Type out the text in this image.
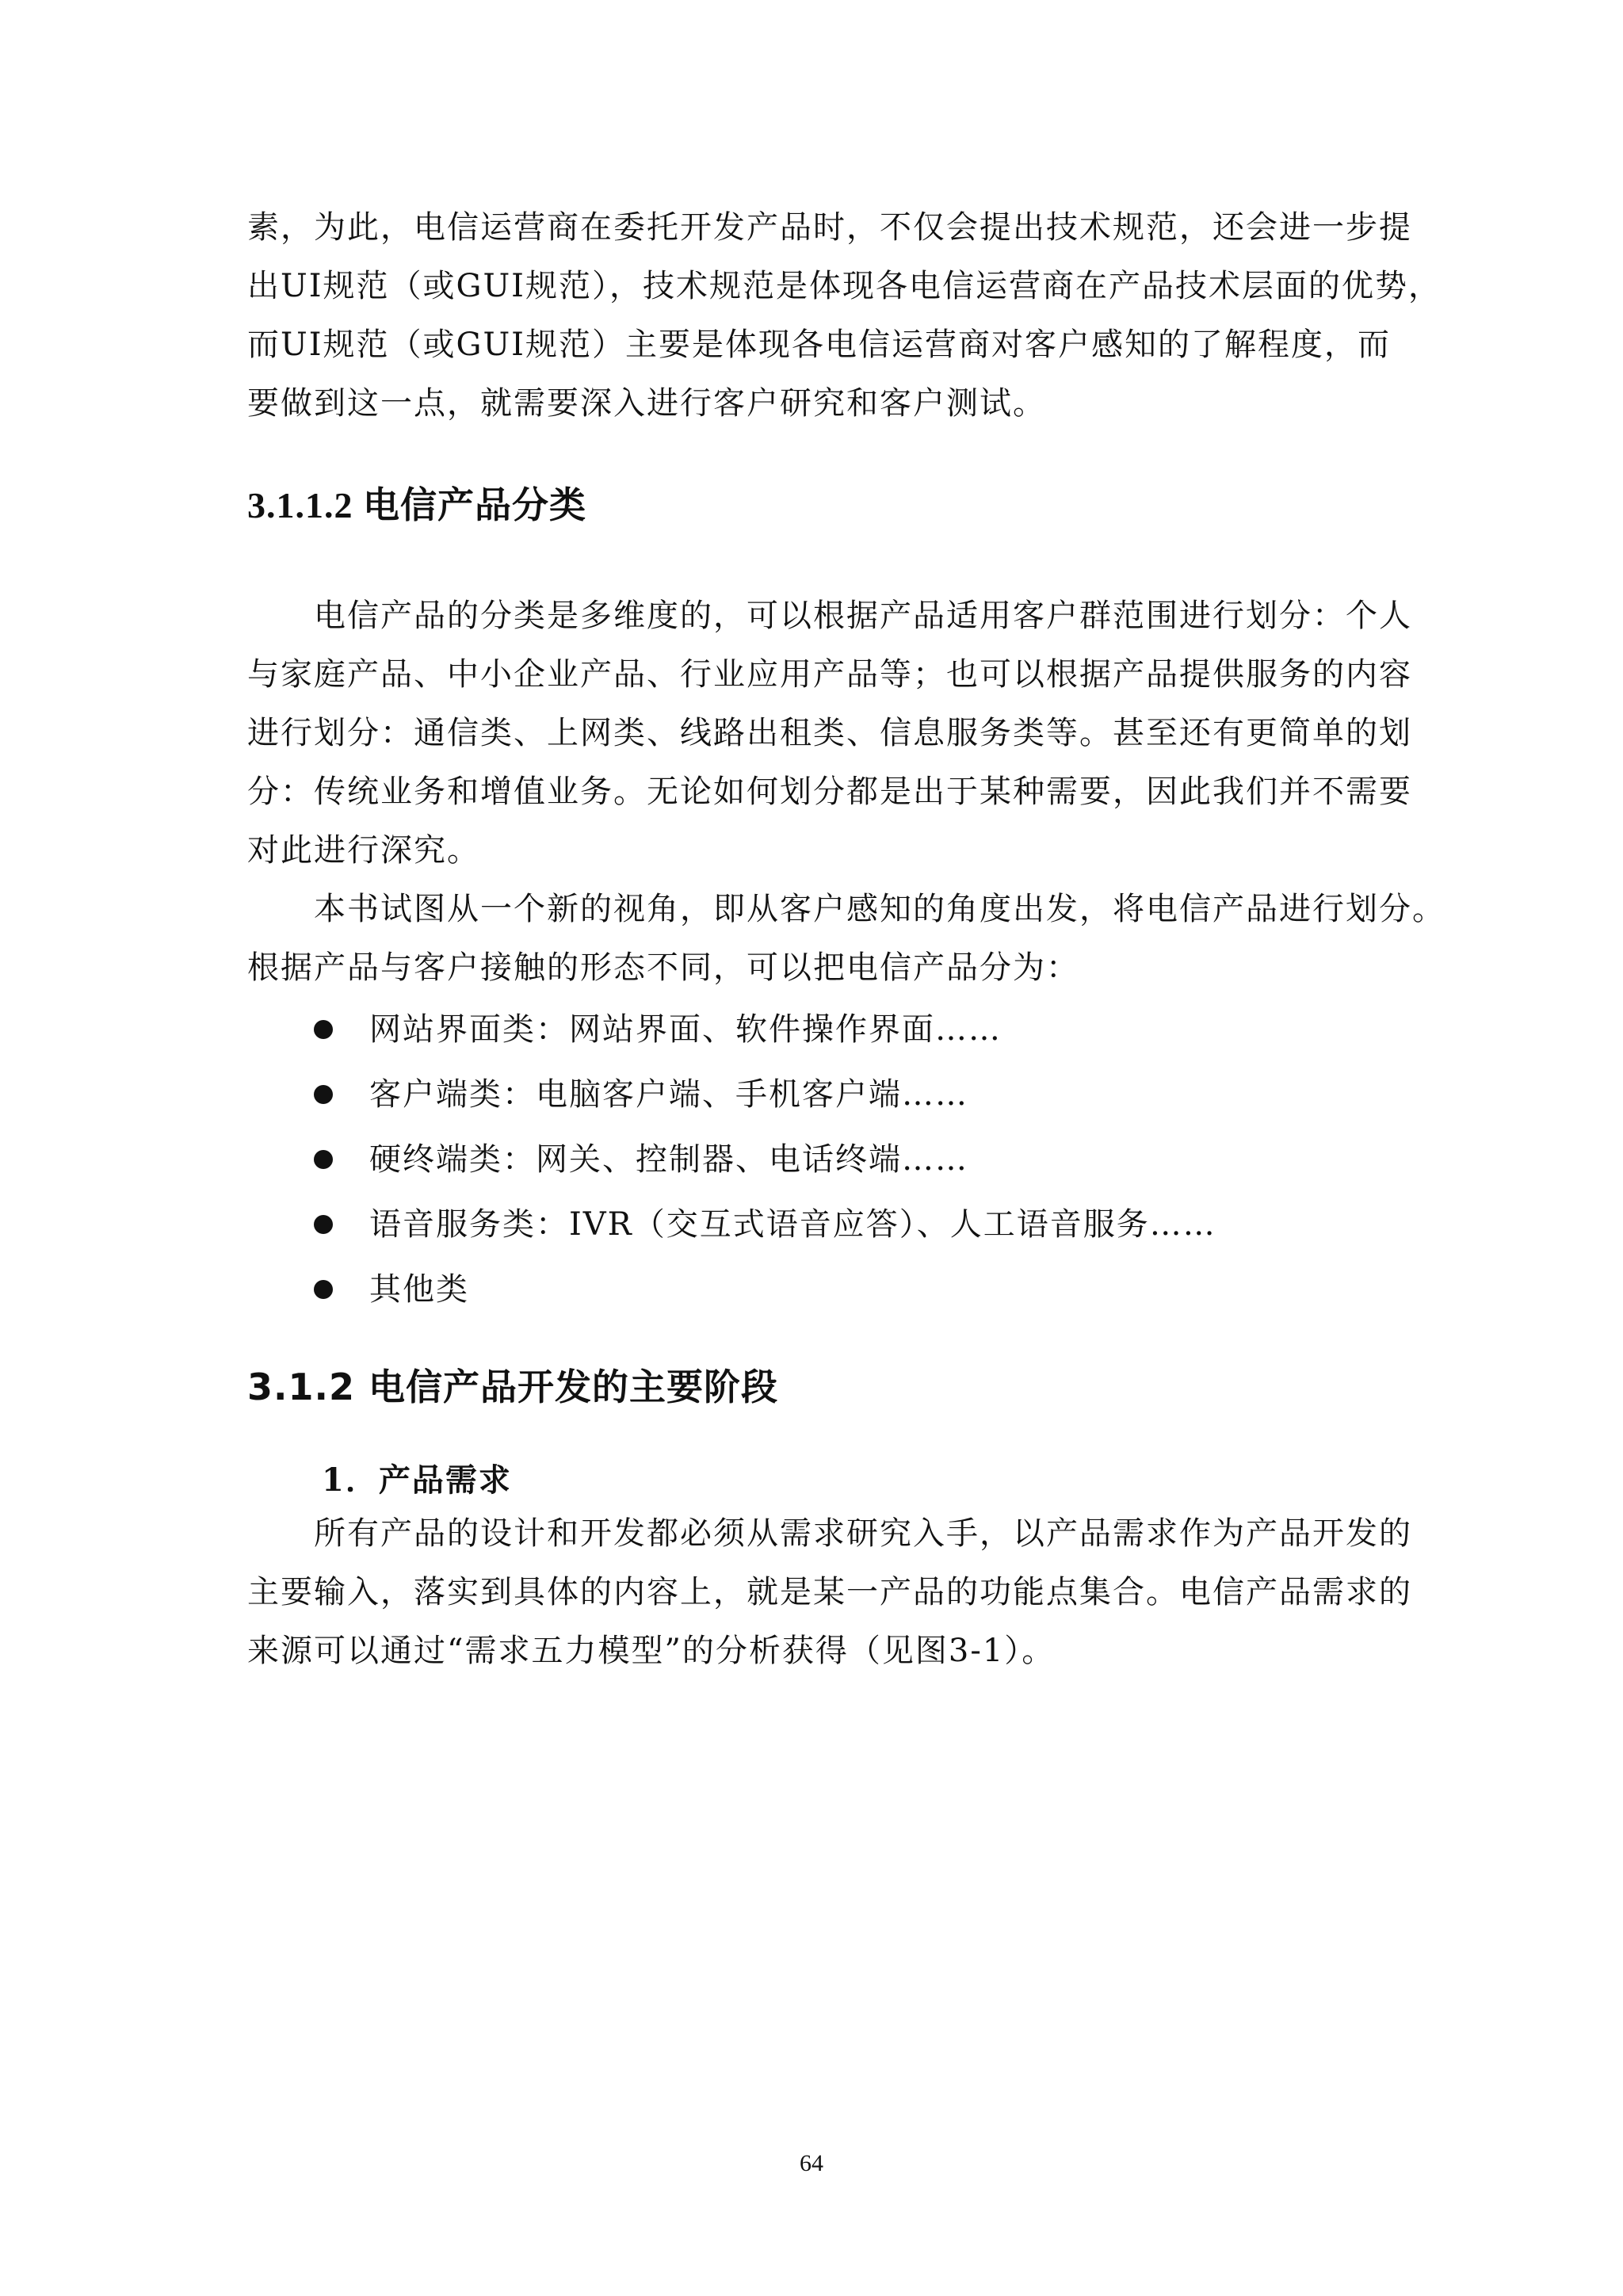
素，为此，电信运营商在委托开发产品时，不仅会提出技术规范，还会进一步提

出UI规范（或GUI规范），技术规范是体现各电信运营商在产品技术层面的优势，

而UI规范（或GUI规范）主要是体现各电信运营商对客户感知的了解程度，而

要做到这一点，就需要深入进行客户研究和客户测试。

3.1.1.2 电信产品分类

电信产品的分类是多维度的，可以根据产品适用客户群范围进行划分：个人

与家庭产品、中小企业产品、行业应用产品等；也可以根据产品提供服务的内容

进行划分：通信类、上网类、线路出租类、信息服务类等。甚至还有更简单的划

分：传统业务和增值业务。无论如何划分都是出于某种需要，因此我们并不需要

对此进行深究。

本书试图从一个新的视角，即从客户感知的角度出发，将电信产品进行划分。

根据产品与客户接触的形态不同，可以把电信产品分为：

网站界面类：网站界面、软件操作界面……
客户端类：电脑客户端、手机客户端……
硬终端类：网关、控制器、电话终端……
语音服务类：IVR（交互式语音应答）、人工语音服务……
其他类
3.1.2 电信产品开发的主要阶段
1．产品需求

所有产品的设计和开发都必须从需求研究入手，以产品需求作为产品开发的

主要输入，落实到具体的内容上，就是某一产品的功能点集合。电信产品需求的

来源可以通过“需求五力模型”的分析获得（见图3-1）。

64
